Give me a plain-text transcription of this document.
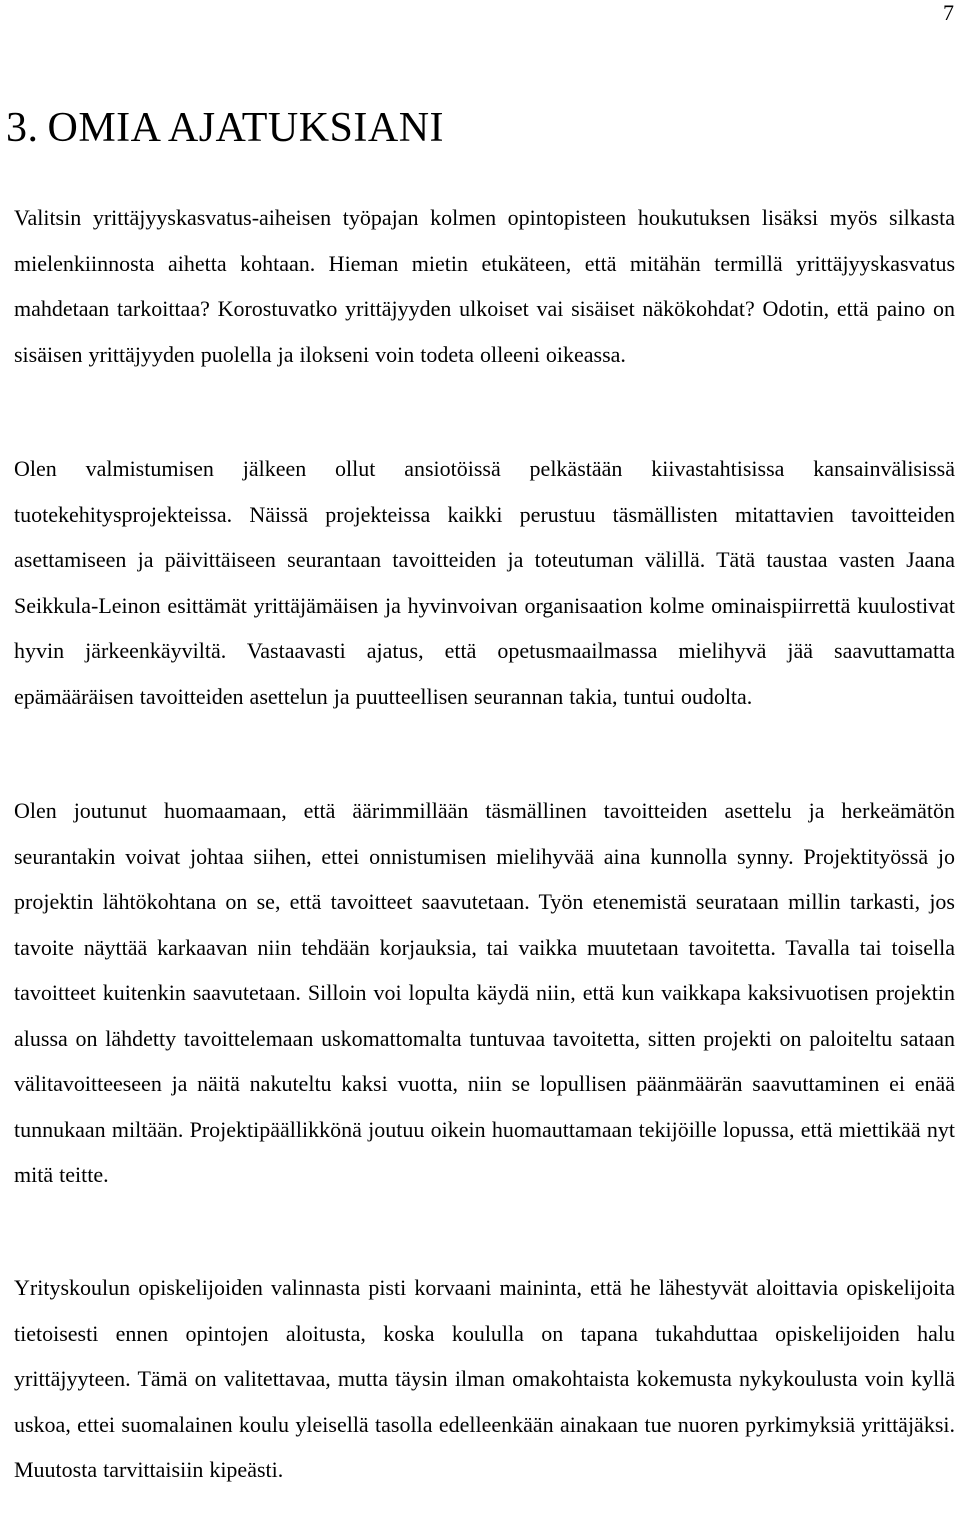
7
3. OMIA AJATUKSIANI

Valitsin yrittäjyyskasvatus-aiheisen työpajan kolmen opintopisteen houkutuksen lisäksi myös silkasta mielenkiinnosta aihetta kohtaan. Hieman mietin etukäteen, että mitähän termillä yrittäjyyskasvatus mahdetaan tarkoittaa? Korostuvatko yrittäjyyden ulkoiset vai sisäiset näkökohdat? Odotin, että paino on sisäisen yrittäjyyden puolella ja ilokseni voin todeta olleeni oikeassa.

Olen valmistumisen jälkeen ollut ansiotöissä pelkästään kiivastahtisissa kansainvälisissä tuotekehitysprojekteissa. Näissä projekteissa kaikki perustuu täsmällisten mitattavien tavoitteiden asettamiseen ja päivittäiseen seurantaan tavoitteiden ja toteutuman välillä. Tätä taustaa vasten Jaana Seikkula-Leinon esittämät yrittäjämäisen ja hyvinvoivan organisaation kolme ominaispiirrettä kuulostivat hyvin järkeenkäyviltä. Vastaavasti ajatus, että opetusmaailmassa mielihyvä jää saavuttamatta epämääräisen tavoitteiden asettelun ja puutteellisen seurannan takia, tuntui oudolta.

Olen joutunut huomaamaan, että äärimmillään täsmällinen tavoitteiden asettelu ja herkeämätön seurantakin voivat johtaa siihen, ettei onnistumisen mielihyvää aina kunnolla synny. Projektityössä jo projektin lähtökohtana on se, että tavoitteet saavutetaan. Työn etenemistä seurataan millin tarkasti, jos tavoite näyttää karkaavan niin tehdään korjauksia, tai vaikka muutetaan tavoitetta. Tavalla tai toisella tavoitteet kuitenkin saavutetaan. Silloin voi lopulta käydä niin, että kun vaikkapa kaksivuotisen projektin alussa on lähdetty tavoittelemaan uskomattomalta tuntuvaa tavoitetta, sitten projekti on paloiteltu sataan välitavoitteeseen ja näitä nakuteltu kaksi vuotta, niin se lopullisen päänmäärän saavuttaminen ei enää tunnukaan miltään. Projektipäällikkönä joutuu oikein huomauttamaan tekijöille lopussa, että miettikää nyt mitä teitte.

Yrityskoulun opiskelijoiden valinnasta pisti korvaani maininta, että he lähestyvät aloittavia opiskelijoita tietoisesti ennen opintojen aloitusta, koska koululla on tapana tukahduttaa opiskelijoiden halu yrittäjyyteen. Tämä on valitettavaa, mutta täysin ilman omakohtaista kokemusta nykykoulusta voin kyllä uskoa, ettei suomalainen koulu yleisellä tasolla edelleenkään ainakaan tue nuoren pyrkimyksiä yrittäjäksi. Muutosta tarvittaisiin kipeästi.
